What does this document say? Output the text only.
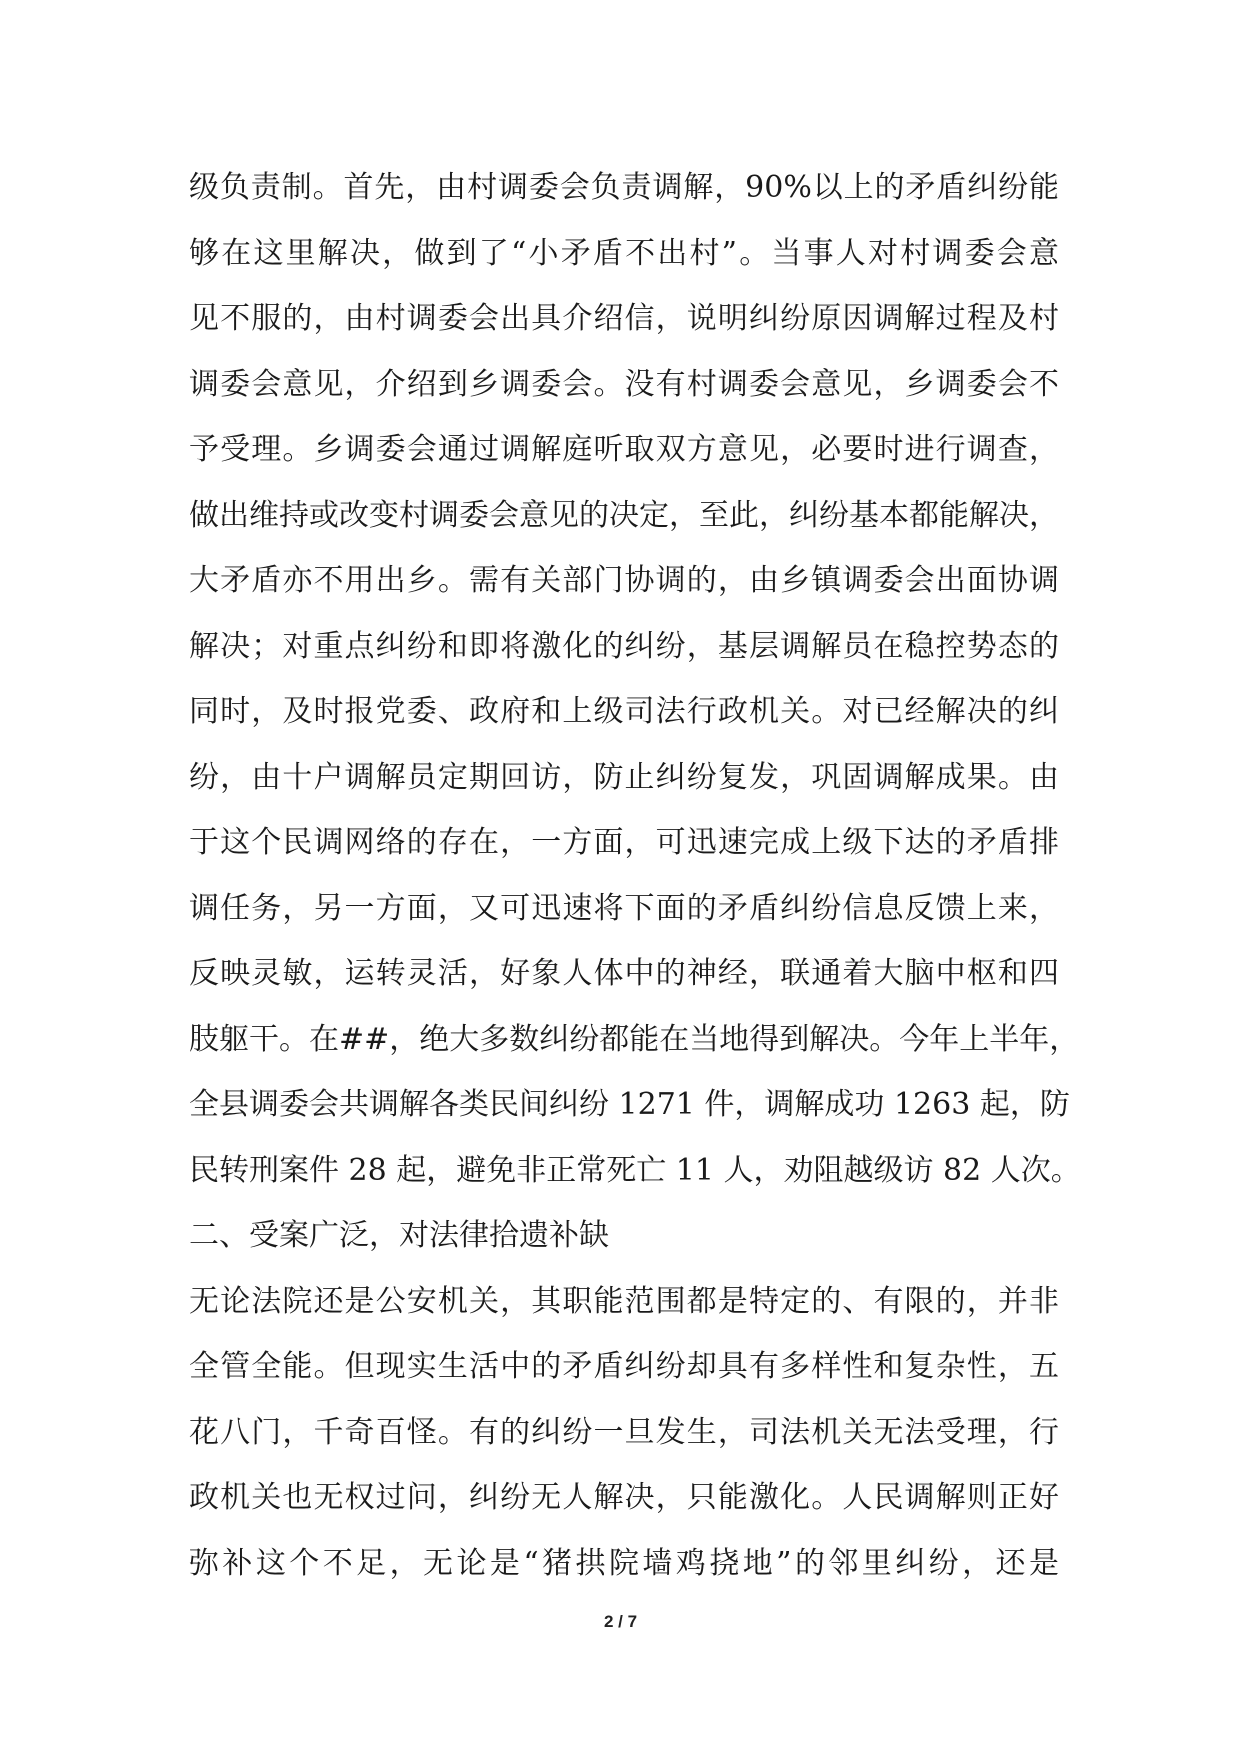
级负责制。首先，由村调委会负责调解，90%以上的矛盾纠纷能
够在这里解决，做到了“小矛盾不出村”。当事人对村调委会意
见不服的，由村调委会出具介绍信，说明纠纷原因调解过程及村
调委会意见，介绍到乡调委会。没有村调委会意见，乡调委会不
予受理。乡调委会通过调解庭听取双方意见，必要时进行调查，
做出维持或改变村调委会意见的决定，至此，纠纷基本都能解决，
大矛盾亦不用出乡。需有关部门协调的，由乡镇调委会出面协调
解决；对重点纠纷和即将激化的纠纷，基层调解员在稳控势态的
同时，及时报党委、政府和上级司法行政机关。对已经解决的纠
纷，由十户调解员定期回访，防止纠纷复发，巩固调解成果。由
于这个民调网络的存在，一方面，可迅速完成上级下达的矛盾排
调任务，另一方面，又可迅速将下面的矛盾纠纷信息反馈上来，
反映灵敏，运转灵活，好象人体中的神经，联通着大脑中枢和四
肢躯干。在##，绝大多数纠纷都能在当地得到解决。今年上半年，
全县调委会共调解各类民间纠纷 1271 件，调解成功 1263 起，防
民转刑案件 28 起，避免非正常死亡 11 人，劝阻越级访 82 人次。
二、受案广泛，对法律拾遗补缺
无论法院还是公安机关，其职能范围都是特定的、有限的，并非
全管全能。但现实生活中的矛盾纠纷却具有多样性和复杂性，五
花八门，千奇百怪。有的纠纷一旦发生，司法机关无法受理，行
政机关也无权过问，纠纷无人解决，只能激化。人民调解则正好
弥补这个不足，无论是“猪拱院墙鸡挠地”的邻里纠纷，还是
2 / 7
